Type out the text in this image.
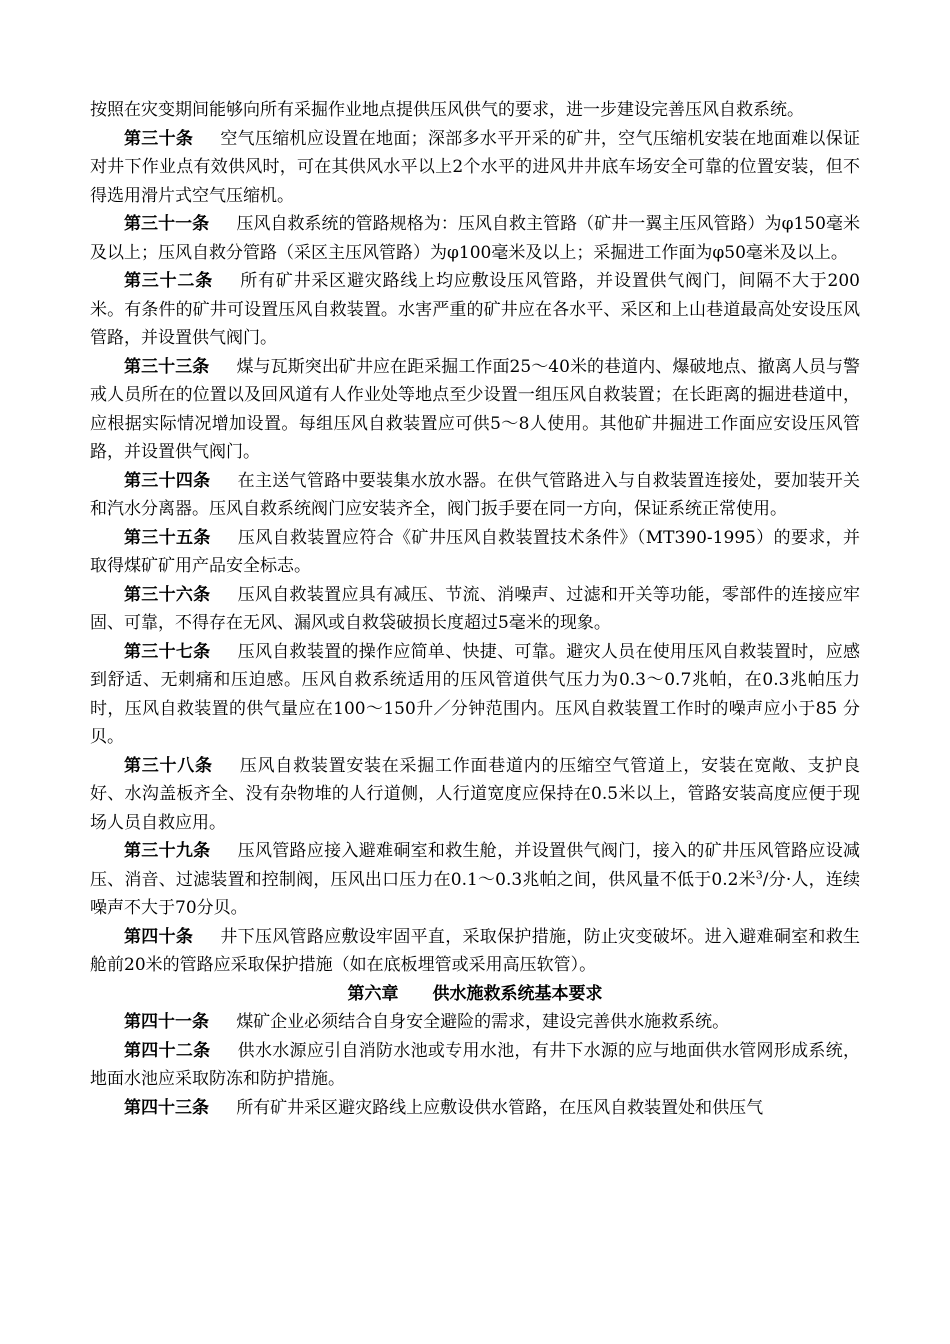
按照在灾变期间能够向所有采掘作业地点提供压风供气的要求，进一步建设完善压风自救系统。

第三十条 空气压缩机应设置在地面；深部多水平开采的矿井，空气压缩机安装在地面难以保证对井下作业点有效供风时，可在其供风水平以上2个水平的进风井井底车场安全可靠的位置安装，但不得选用滑片式空气压缩机。

第三十一条 压风自救系统的管路规格为：压风自救主管路（矿井一翼主压风管路）为φ150毫米及以上；压风自救分管路（采区主压风管路）为φ100毫米及以上；采掘进工作面为φ50毫米及以上。

第三十二条 所有矿井采区避灾路线上均应敷设压风管路，并设置供气阀门，间隔不大于200米。有条件的矿井可设置压风自救装置。水害严重的矿井应在各水平、采区和上山巷道最高处安设压风管路，并设置供气阀门。

第三十三条 煤与瓦斯突出矿井应在距采掘工作面25～40米的巷道内、爆破地点、撤离人员与警戒人员所在的位置以及回风道有人作业处等地点至少设置一组压风自救装置；在长距离的掘进巷道中，应根据实际情况增加设置。每组压风自救装置应可供5～8人使用。其他矿井掘进工作面应安设压风管路，并设置供气阀门。

第三十四条 在主送气管路中要装集水放水器。在供气管路进入与自救装置连接处，要加装开关和汽水分离器。压风自救系统阀门应安装齐全，阀门扳手要在同一方向，保证系统正常使用。

第三十五条 压风自救装置应符合《矿井压风自救装置技术条件》（MT390-1995）的要求，并取得煤矿矿用产品安全标志。

第三十六条 压风自救装置应具有减压、节流、消噪声、过滤和开关等功能，零部件的连接应牢固、可靠，不得存在无风、漏风或自救袋破损长度超过5毫米的现象。

第三十七条 压风自救装置的操作应简单、快捷、可靠。避灾人员在使用压风自救装置时，应感到舒适、无刺痛和压迫感。压风自救系统适用的压风管道供气压力为0.3～0.7兆帕，在0.3兆帕压力时，压风自救装置的供气量应在100～150升／分钟范围内。压风自救装置工作时的噪声应小于85 分贝。

第三十八条 压风自救装置安装在采掘工作面巷道内的压缩空气管道上，安装在宽敞、支护良好、水沟盖板齐全、没有杂物堆的人行道侧，人行道宽度应保持在0.5米以上，管路安装高度应便于现场人员自救应用。

第三十九条 压风管路应接入避难硐室和救生舱，并设置供气阀门，接入的矿井压风管路应设减压、消音、过滤装置和控制阀，压风出口压力在0.1～0.3兆帕之间，供风量不低于0.2米$^3$/分·人，连续噪声不大于70分贝。

第四十条 井下压风管路应敷设牢固平直，采取保护措施，防止灾变破坏。进入避难硐室和救生舱前20米的管路应采取保护措施（如在底板埋管或采用高压软管）。

第六章 供水施救系统基本要求

第四十一条 煤矿企业必须结合自身安全避险的需求，建设完善供水施救系统。

第四十二条 供水水源应引自消防水池或专用水池，有井下水源的应与地面供水管网形成系统，地面水池应采取防冻和防护措施。

第四十三条 所有矿井采区避灾路线上应敷设供水管路，在压风自救装置处和供压气
